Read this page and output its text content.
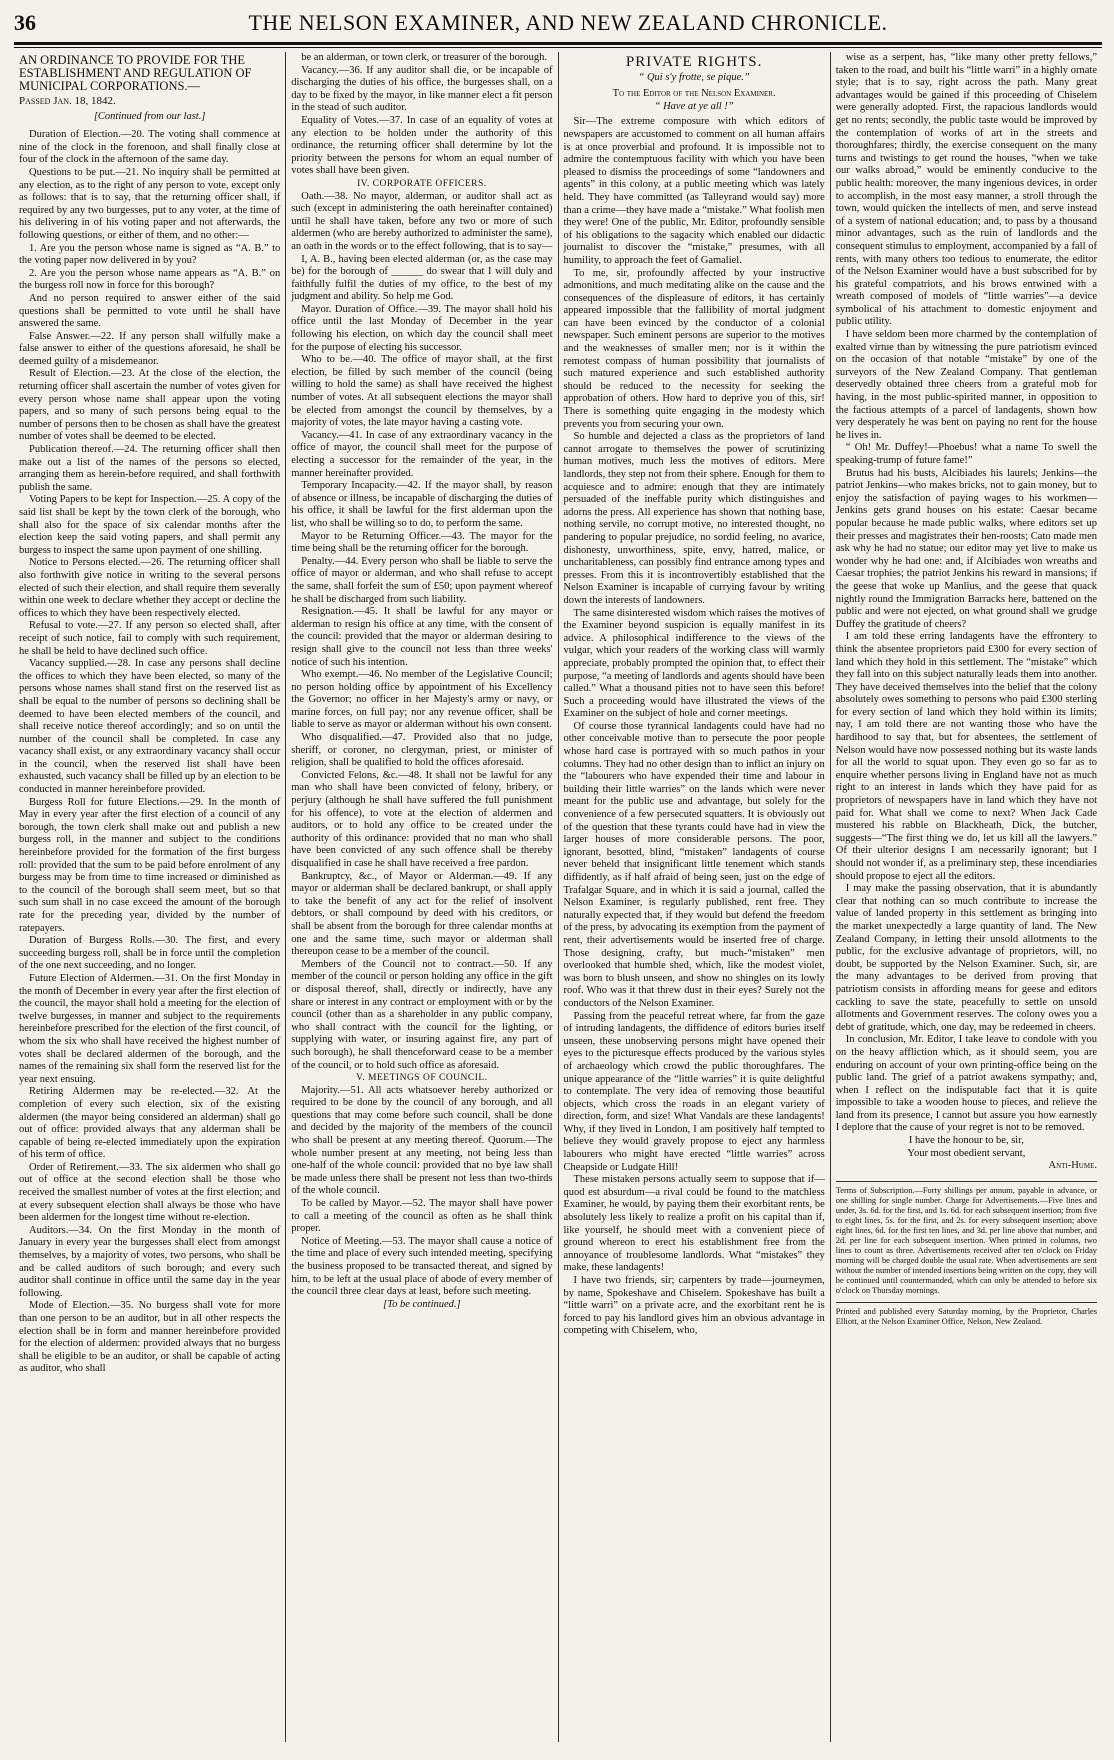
36	THE NELSON EXAMINER, AND NEW ZEALAND CHRONICLE.
AN ORDINANCE TO PROVIDE FOR THE ESTABLISHMENT AND REGULATION OF MUNICIPAL CORPORATIONS.—
Passed Jan. 18, 1842.
[Continued from our last.]

Duration of Election.—20. The voting shall commence at nine of the clock in the forenoon, and shall finally close at four of the clock in the afternoon of the same day.

Questions to be put.—21. No inquiry shall be permitted at any election, as to the right of any person to vote, except only as follows: that is to say, that the returning officer shall, if required by any two burgesses, put to any voter, at the time of his delivering in of his voting paper and not afterwards, the following questions, or either of them, and no other:—

1. Are you the person whose name is signed as “A. B.” to the voting paper now delivered in by you?

2. Are you the person whose name appears as “A. B.” on the burgess roll now in force for this borough?

And no person required to answer either of the said questions shall be permitted to vote until he shall have answered the same.

False Answer.—22. If any person shall wilfully make a false answer to either of the questions aforesaid, he shall be deemed guilty of a misdemeanor.

Result of Election.—23. At the close of the election, the returning officer shall ascertain the number of votes given for every person whose name shall appear upon the voting papers, and so many of such persons being equal to the number of persons then to be chosen as shall have the greatest number of votes shall be deemed to be elected.

Publication thereof.—24. The returning officer shall then make out a list of the names of the persons so elected, arranging them as herein-before required, and shall forthwith publish the same.

Voting Papers to be kept for Inspection.—25. A copy of the said list shall be kept by the town clerk of the borough, who shall also for the space of six calendar months after the election keep the said voting papers, and shall permit any burgess to inspect the same upon payment of one shilling.

Notice to Persons elected.—26. The returning officer shall also forthwith give notice in writing to the several persons elected of such their election, and shall require them severally within one week to declare whether they accept or decline the offices to which they have been respectively elected.

Refusal to vote.—27. If any person so elected shall, after receipt of such notice, fail to comply with such requirement, he shall be held to have declined such office.

Vacancy supplied.—28. In case any persons shall decline the offices to which they have been elected, so many of the persons whose names shall stand first on the reserved list as shall be equal to the number of persons so declining shall be deemed to have been elected members of the council, and shall receive notice thereof accordingly; and so on until the number of the council shall be completed. In case any vacancy shall exist, or any extraordinary vacancy shall occur in the council, when the reserved list shall have been exhausted, such vacancy shall be filled up by an election to be conducted in manner hereinbefore provided.

Burgess Roll for future Elections.—29. In the month of May in every year after the first election of a council of any borough, the town clerk shall make out and publish a new burgess roll, in the manner and subject to the conditions hereinbefore provided for the formation of the first burgess roll: provided that the sum to be paid before enrolment of any burgess may be from time to time increased or diminished as to the council of the borough shall seem meet, but so that such sum shall in no case exceed the amount of the borough rate for the preceding year, divided by the number of ratepayers.

Duration of Burgess Rolls.—30. The first, and every succeeding burgess roll, shall be in force until the completion of the one next succeeding, and no longer.

Future Election of Aldermen.—31. On the first Monday in the month of December in every year after the first election of the council, the mayor shall hold a meeting for the election of twelve burgesses, in manner and subject to the requirements hereinbefore prescribed for the election of the first council, of whom the six who shall have received the highest number of votes shall be declared aldermen of the borough, and the names of the remaining six shall form the reserved list for the year next ensuing.

Retiring Aldermen may be re-elected.—32. At the completion of every such election, six of the existing aldermen (the mayor being considered an alderman) shall go out of office: provided always that any alderman shall be capable of being re-elected immediately upon the expiration of his term of office.

Order of Retirement.—33. The six aldermen who shall go out of office at the second election shall be those who received the smallest number of votes at the first election; and at every subsequent election shall always be those who have been aldermen for the longest time without re-election.

Auditors.—34. On the first Monday in the month of January in every year the burgesses shall elect from amongst themselves, by a majority of votes, two persons, who shall be and be called auditors of such borough; and every such auditor shall continue in office until the same day in the year following.

Mode of Election.—35. No burgess shall vote for more than one person to be an auditor, but in all other respects the election shall be in form and manner hereinbefore provided for the election of aldermen: provided always that no burgess shall be eligible to be an auditor, or shall be capable of acting as auditor, who shall

be an alderman, or town clerk, or treasurer of the borough.

Vacancy.—36. If any auditor shall die, or be incapable of discharging the duties of his office, the burgesses shall, on a day to be fixed by the mayor, in like manner elect a fit person in the stead of such auditor.

Equality of Votes.—37. In case of an equality of votes at any election to be holden under the authority of this ordinance, the returning officer shall determine by lot the priority between the persons for whom an equal number of votes shall have been given.

IV. CORPORATE OFFICERS.

Oath.—38. No mayor, alderman, or auditor shall act as such (except in administering the oath hereinafter contained) until he shall have taken, before any two or more of such aldermen (who are hereby authorized to administer the same), an oath in the words or to the effect following, that is to say—

I, A. B., having been elected alderman (or, as the case may be) for the borough of ______ do swear that I will duly and faithfully fulfil the duties of my office, to the best of my judgment and ability. So help me God.

Mayor. Duration of Office.—39. The mayor shall hold his office until the last Monday of December in the year following his election, on which day the council shall meet for the purpose of electing his successor.

Who to be.—40. The office of mayor shall, at the first election, be filled by such member of the council (being willing to hold the same) as shall have received the highest number of votes. At all subsequent elections the mayor shall be elected from amongst the council by themselves, by a majority of votes, the late mayor having a casting vote.

Vacancy.—41. In case of any extraordinary vacancy in the office of mayor, the council shall meet for the purpose of electing a successor for the remainder of the year, in the manner hereinafter provided.

Temporary Incapacity.—42. If the mayor shall, by reason of absence or illness, be incapable of discharging the duties of his office, it shall be lawful for the first alderman upon the list, who shall be willing so to do, to perform the same.

Mayor to be Returning Officer.—43. The mayor for the time being shall be the returning officer for the borough.

Penalty.—44. Every person who shall be liable to serve the office of mayor or alderman, and who shall refuse to accept the same, shall forfeit the sum of £50; upon payment whereof he shall be discharged from such liability.

Resignation.—45. It shall be lawful for any mayor or alderman to resign his office at any time, with the consent of the council: provided that the mayor or alderman desiring to resign shall give to the council not less than three weeks' notice of such his intention.

Who exempt.—46. No member of the Legislative Council; no person holding office by appointment of his Excellency the Governor; no officer in her Majesty's army or navy, or marine forces, on full pay; nor any revenue officer, shall be liable to serve as mayor or alderman without his own consent.

Who disqualified.—47. Provided also that no judge, sheriff, or coroner, no clergyman, priest, or minister of religion, shall be qualified to hold the offices aforesaid.

Convicted Felons, &c.—48. It shall not be lawful for any man who shall have been convicted of felony, bribery, or perjury (although he shall have suffered the full punishment for his offence), to vote at the election of aldermen and auditors, or to hold any office to be created under the authority of this ordinance: provided that no man who shall have been convicted of any such offence shall be thereby disqualified in case he shall have received a free pardon.

Bankruptcy, &c., of Mayor or Alderman.—49. If any mayor or alderman shall be declared bankrupt, or shall apply to take the benefit of any act for the relief of insolvent debtors, or shall compound by deed with his creditors, or shall be absent from the borough for three calendar months at one and the same time, such mayor or alderman shall thereupon cease to be a member of the council.

Members of the Council not to contract.—50. If any member of the council or person holding any office in the gift or disposal thereof, shall, directly or indirectly, have any share or interest in any contract or employment with or by the council (other than as a shareholder in any public company, who shall contract with the council for the lighting, or supplying with water, or insuring against fire, any part of such borough), he shall thenceforward cease to be a member of the council, or to hold such office as aforesaid.

V. MEETINGS OF COUNCIL.

Majority.—51. All acts whatsoever hereby authorized or required to be done by the council of any borough, and all questions that may come before such council, shall be done and decided by the majority of the members of the council who shall be present at any meeting thereof. Quorum.—The whole number present at any meeting, not being less than one-half of the whole council: provided that no bye law shall be made unless there shall be present not less than two-thirds of the whole council.

To be called by Mayor.—52. The mayor shall have power to call a meeting of the council as often as he shall think proper.

Notice of Meeting.—53. The mayor shall cause a notice of the time and place of every such intended meeting, specifying the business proposed to be transacted thereat, and signed by him, to be left at the usual place of abode of every member of the council three clear days at least, before such meeting.

[To be continued.]

PRIVATE RIGHTS.

“ Qui s'y frotte, se pique.”

To the Editor of the Nelson Examiner.

“ Have at ye all !”

Sir—The extreme composure with which editors of newspapers are accustomed to comment on all human affairs is at once proverbial and profound. It is impossible not to admire the contemptuous facility with which you have been pleased to dismiss the proceedings of some “landowners and agents” in this colony, at a public meeting which was lately held. They have committed (as Talleyrand would say) more than a crime—they have made a “mistake.” What foolish men they were! One of the public, Mr. Editor, profoundly sensible of his obligations to the sagacity which enabled our didactic journalist to discover the “mistake,” presumes, with all humility, to approach the feet of Gamaliel.

To me, sir, profoundly affected by your instructive admonitions, and much meditating alike on the cause and the consequences of the displeasure of editors, it has certainly appeared impossible that the fallibility of mortal judgment can have been evinced by the conductor of a colonial newspaper. Such eminent persons are superior to the motives and the weaknesses of smaller men; nor is it within the remotest compass of human possibility that journalists of such matured experience and such established authority should be reduced to the necessity for seeking the approbation of others. How hard to deprive you of this, sir! There is something quite engaging in the modesty which prevents you from securing your own.

So humble and dejected a class as the proprietors of land cannot arrogate to themselves the power of scrutinizing human motives, much less the motives of editors. Mere landlords, they step not from their sphere. Enough for them to acquiesce and to admire: enough that they are intimately persuaded of the ineffable purity which distinguishes and adorns the press. All experience has shown that nothing base, nothing servile, no corrupt motive, no interested thought, no pandering to popular prejudice, no sordid feeling, no avarice, dishonesty, unworthiness, spite, envy, hatred, malice, or uncharitableness, can possibly find entrance among types and presses. From this it is incontrovertibly established that the Nelson Examiner is incapable of currying favour by writing down the interests of landowners.

The same disinterested wisdom which raises the motives of the Examiner beyond suspicion is equally manifest in its advice. A philosophical indifference to the views of the vulgar, which your readers of the working class will warmly appreciate, probably prompted the opinion that, to effect their purpose, “a meeting of landlords and agents should have been called.” What a thousand pities not to have seen this before! Such a proceeding would have illustrated the views of the Examiner on the subject of hole and corner meetings.

Of course those tyrannical landagents could have had no other conceivable motive than to persecute the poor people whose hard case is portrayed with so much pathos in your columns. They had no other design than to inflict an injury on the “labourers who have expended their time and labour in building their little warries” on the lands which were never meant for the public use and advantage, but solely for the convenience of a few persecuted squatters. It is obviously out of the question that these tyrants could have had in view the larger houses of more considerable persons. The poor, ignorant, besotted, blind, “mistaken” landagents of course never beheld that insignificant little tenement which stands diffidently, as if half afraid of being seen, just on the edge of Trafalgar Square, and in which it is said a journal, called the Nelson Examiner, is regularly published, rent free. They naturally expected that, if they would but defend the freedom of the press, by advocating its exemption from the payment of rent, their advertisements would be inserted free of charge. Those designing, crafty, but much-“mistaken” men overlooked that humble shed, which, like the modest violet, was born to blush unseen, and show no shingles on its lowly roof. Who was it that threw dust in their eyes? Surely not the conductors of the Nelson Examiner.

Passing from the peaceful retreat where, far from the gaze of intruding landagents, the diffidence of editors buries itself unseen, these unobserving persons might have opened their eyes to the picturesque effects produced by the various styles of archaeology which crowd the public thoroughfares. The unique appearance of the “little warries” it is quite delightful to contemplate. The very idea of removing those beautiful objects, which cross the roads in an elegant variety of direction, form, and size! What Vandals are these landagents! Why, if they lived in London, I am positively half tempted to believe they would gravely propose to eject any harmless labourers who might have erected “little warries” across Cheapside or Ludgate Hill!

These mistaken persons actually seem to suppose that if—quod est absurdum—a rival could be found to the matchless Examiner, he would, by paying them their exorbitant rents, be absolutely less likely to realize a profit on his capital than if, like yourself, he should meet with a convenient piece of ground whereon to erect his establishment free from the annoyance of troublesome landlords. What “mistakes” they make, these landagents!

I have two friends, sir; carpenters by trade—journeymen, by name, Spokeshave and Chiselem. Spokeshave has built a “little warri” on a private acre, and the exorbitant rent he is forced to pay his landlord gives him an obvious advantage in competing with Chiselem, who,

wise as a serpent, has, “like many other pretty fellows,” taken to the road, and built his “little warri” in a highly ornate style; that is to say, right across the path. Many great advantages would be gained if this proceeding of Chiselem were generally adopted. First, the rapacious landlords would get no rents; secondly, the public taste would be improved by the contemplation of works of art in the streets and thoroughfares; thirdly, the exercise consequent on the many turns and twistings to get round the houses, “when we take our walks abroad,” would be eminently conducive to the public health: moreover, the many ingenious devices, in order to accomplish, in the most easy manner, a stroll through the town, would quicken the intellects of men, and serve instead of a system of national education; and, to pass by a thousand minor advantages, such as the ruin of landlords and the consequent stimulus to employment, accompanied by a fall of rents, with many others too tedious to enumerate, the editor of the Nelson Examiner would have a bust subscribed for by his grateful compatriots, and his brows entwined with a wreath composed of models of “little warries”—a device symbolical of his attachment to domestic enjoyment and public utility.

I have seldom been more charmed by the contemplation of exalted virtue than by witnessing the pure patriotism evinced on the occasion of that notable “mistake” by one of the surveyors of the New Zealand Company. That gentleman deservedly obtained three cheers from a grateful mob for having, in the most public-spirited manner, in opposition to the factious attempts of a parcel of landagents, shown how very desperately he was bent on paying no rent for the house he lives in.

“ Oh! Mr. Duffey!—Phoebus! what a name To swell the speaking-trump of future fame!”

Brutus had his busts, Alcibiades his laurels; Jenkins—the patriot Jenkins—who makes bricks, not to gain money, but to enjoy the satisfaction of paying wages to his workmen—Jenkins gets grand houses on his estate: Caesar became popular because he made public walks, where editors set up their presses and magistrates their hen-roosts; Cato made men ask why he had no statue; our editor may yet live to make us wonder why he had one: and, if Alcibiades won wreaths and Caesar trophies; the patriot Jenkins his reward in mansions; if the geese that woke up Manlius, and the geese that quack nightly round the Immigration Barracks here, battened on the public and were not ejected, on what ground shall we grudge Duffey the gratitude of cheers?

I am told these erring landagents have the effrontery to think the absentee proprietors paid £300 for every section of land which they hold in this settlement. The “mistake” which they fall into on this subject naturally leads them into another. They have deceived themselves into the belief that the colony absolutely owes something to persons who paid £300 sterling for every section of land which they hold within its limits; nay, I am told there are not wanting those who have the hardihood to say that, but for absentees, the settlement of Nelson would have now possessed nothing but its waste lands for all the world to squat upon. They even go so far as to enquire whether persons living in England have not as much right to an interest in lands which they have paid for as proprietors of newspapers have in land which they have not paid for. What shall we come to next? When Jack Cade mustered his rabble on Blackheath, Dick, the butcher, suggests—“The first thing we do, let us kill all the lawyers.” Of their ulterior designs I am necessarily ignorant; but I should not wonder if, as a preliminary step, these incendiaries should propose to eject all the editors.

I may make the passing observation, that it is abundantly clear that nothing can so much contribute to increase the value of landed property in this settlement as bringing into the market unexpectedly a large quantity of land. The New Zealand Company, in letting their unsold allotments to the public, for the exclusive advantage of proprietors, will, no doubt, be supported by the Nelson Examiner. Such, sir, are the many advantages to be derived from proving that patriotism consists in affording means for geese and editors cackling to save the state, peacefully to settle on unsold allotments and Government reserves. The colony owes you a debt of gratitude, which, one day, may be redeemed in cheers.

In conclusion, Mr. Editor, I take leave to condole with you on the heavy affliction which, as it should seem, you are enduring on account of your own printing-office being on the public land. The grief of a patriot awakens sympathy; and, when I reflect on the indisputable fact that it is quite impossible to take a wooden house to pieces, and relieve the land from its presence, I cannot but assure you how earnestly I deplore that the cause of your regret is not to be removed.

I have the honour to be, sir,

Your most obedient servant,

Anti-Hume.

Terms of Subscription.—Forty shillings per annum, payable in advance, or one shilling for single number. Charge for Advertisements.—Five lines and under, 3s. 6d. for the first, and 1s. 6d. for each subsequent insertion; from five to eight lines, 5s. for the first, and 2s. for every subsequent insertion; above eight lines, 6d. for the first ten lines, and 3d. per line above that number, and 2d. per line for each subsequent insertion. When printed in columns, two lines to count as three. Advertisements received after ten o'clock on Friday morning will be charged double the usual rate. When advertisements are sent without the number of intended insertions being written on the copy, they will be continued until countermanded, which can only be attended to before six o'clock on Thursday mornings.
Printed and published every Saturday morning, by the Proprietor, Charles Elliott, at the Nelson Examiner Office, Nelson, New Zealand.
